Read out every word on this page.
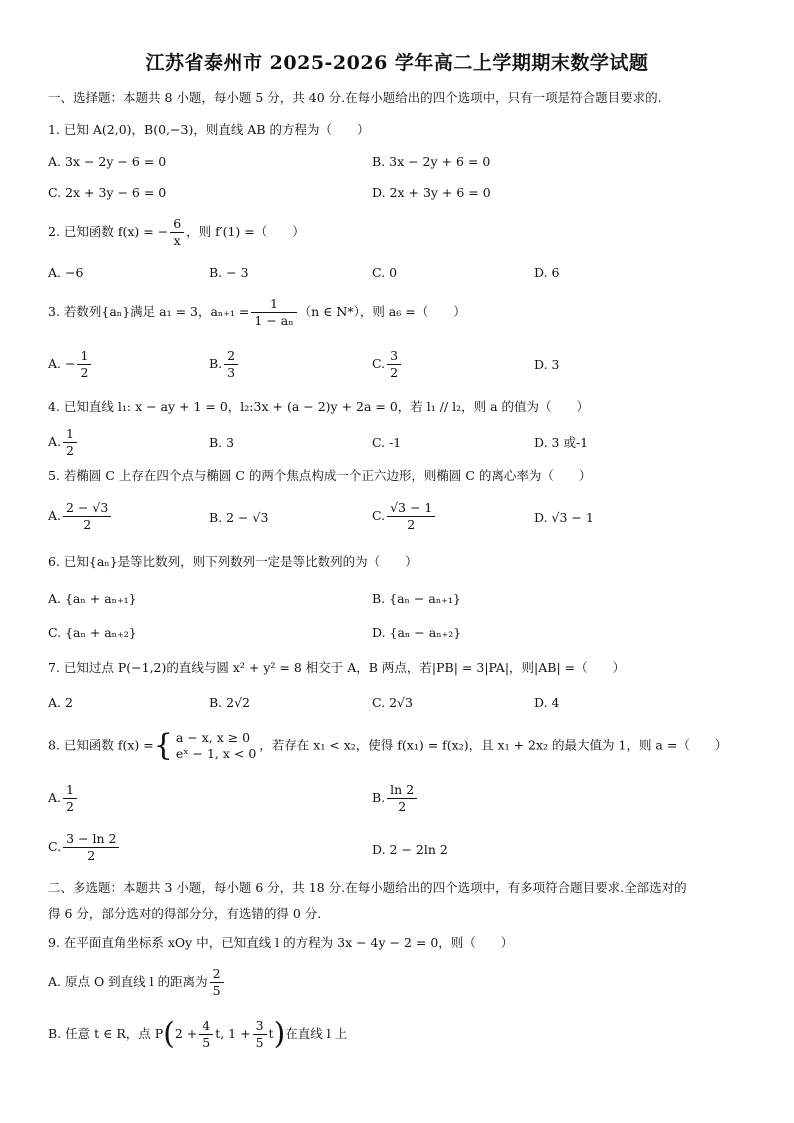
江苏省泰州市 2025-2026 学年高二上学期期末数学试题
一、选择题：本题共 8 小题，每小题 5 分，共 40 分.在每小题给出的四个选项中，只有一项是符合题目要求的.
1. 已知 A(2,0)，B(0,−3)，则直线 AB 的方程为（　　）
A. 3x − 2y − 6 = 0	B. 3x − 2y + 6 = 0
C. 2x + 3y − 6 = 0	D. 2x + 3y + 6 = 0
2. 已知函数 f(x) = − $\frac{6}{x}$ ，则 f′(1) =（　　）
A. −6	B. − 3	C. 0	D. 6
3. 若数列{aₙ}满足 a₁ = 3，$a_{n+1} = \frac{1}{\text{1 − aₙ}} (n$ ∈ N*），则 a₆ =（　　）
A. − $\frac{1}{2}$	B. $\frac{2}{3}$	C. $\frac{3}{2}$	D. 3
4. 已知直线 l₁: x − ay + 1 = 0，l₂:3x + (a − 2)y + 2a = 0，若 l₁ // l₂，则 a 的值为（　　）
A. $\frac{1}{2}$	B. 3	C. -1	D. 3 或-1
5. 若椭圆 C 上存在四个点与椭圆 C 的两个焦点构成一个正六边形，则椭圆 C 的离心率为（　　）
A. $\frac{2 - √3}{2}$	B. 2 − √3	C. $\frac{√3 - 1}{2}$	D. √3 − 1
6. 已知{aₙ}是等比数列，则下列数列一定是等比数列的为（　　）
A. {aₙ + aₙ₊₁}	B. {aₙ − aₙ₊₁}
C. {aₙ + aₙ₊₂}	D. {aₙ − aₙ₊₂}
7. 已知过点 P(−1,2)的直线与圆 x² + y² = 8 相交于 A，B 两点，若|PB| = 3|PA|，则|AB| =（　　）
A. 2	B. 2√2	C. 2√3	D. 4
8. 已知函数 f(x) ={ a − x, x ≥ 0
eˣ − 1, x < 0
，若存在 x₁ < x₂，使得 f(x₁) = f(x₂)，且 x₁ + 2x₂ 的最大值为 1，则 a =（　　）
A. $\frac{1}{2}$	B. $\frac{\ln 2}{2}$
C. $\frac{3 - \ln 2}{2}$	D. 2 − 2ln 2
二、多选题：本题共 3 小题，每小题 6 分，共 18 分.在每小题给出的四个选项中，有多项符合题目要求.全部选对的
得 6 分，部分选对的得部分分，有选错的得 0 分.
9. 在平面直角坐标系 xOy 中，已知直线 l 的方程为 3x − 4y − 2 = 0，则（　　）
A. 原点 O 到直线 l 的距离为 $\frac{2}{5}$
B. 任意 t ∈ R，点 $P(2 + \frac{4}{5} t$, $1 + \frac{3}{5} t$)在直线 l 上
